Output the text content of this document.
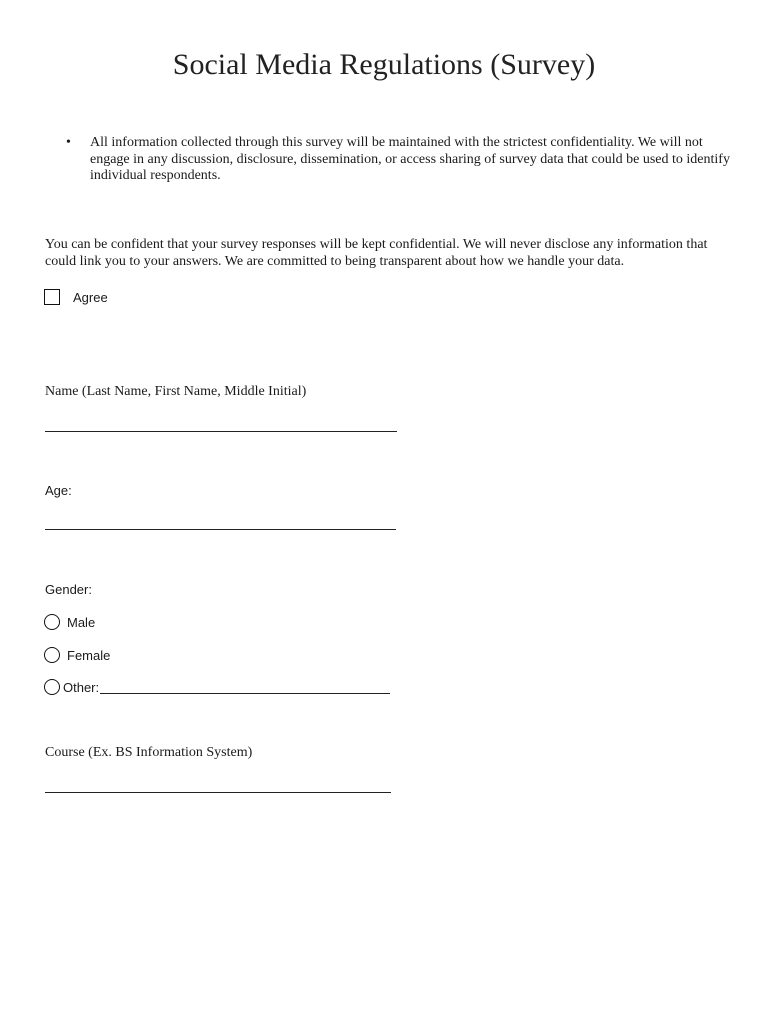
Social Media Regulations (Survey)
• All information collected through this survey will be maintained with the strictest confidentiality. We will not engage in any discussion, disclosure, dissemination, or access sharing of survey data that could be used to identify individual respondents.
You can be confident that your survey responses will be kept confidential. We will never disclose any information that could link you to your answers. We are committed to being transparent about how we handle your data.
Agree
Name (Last Name, First Name, Middle Initial)
Age:
Gender:
Male
Female
Other:
Course (Ex. BS Information System)
